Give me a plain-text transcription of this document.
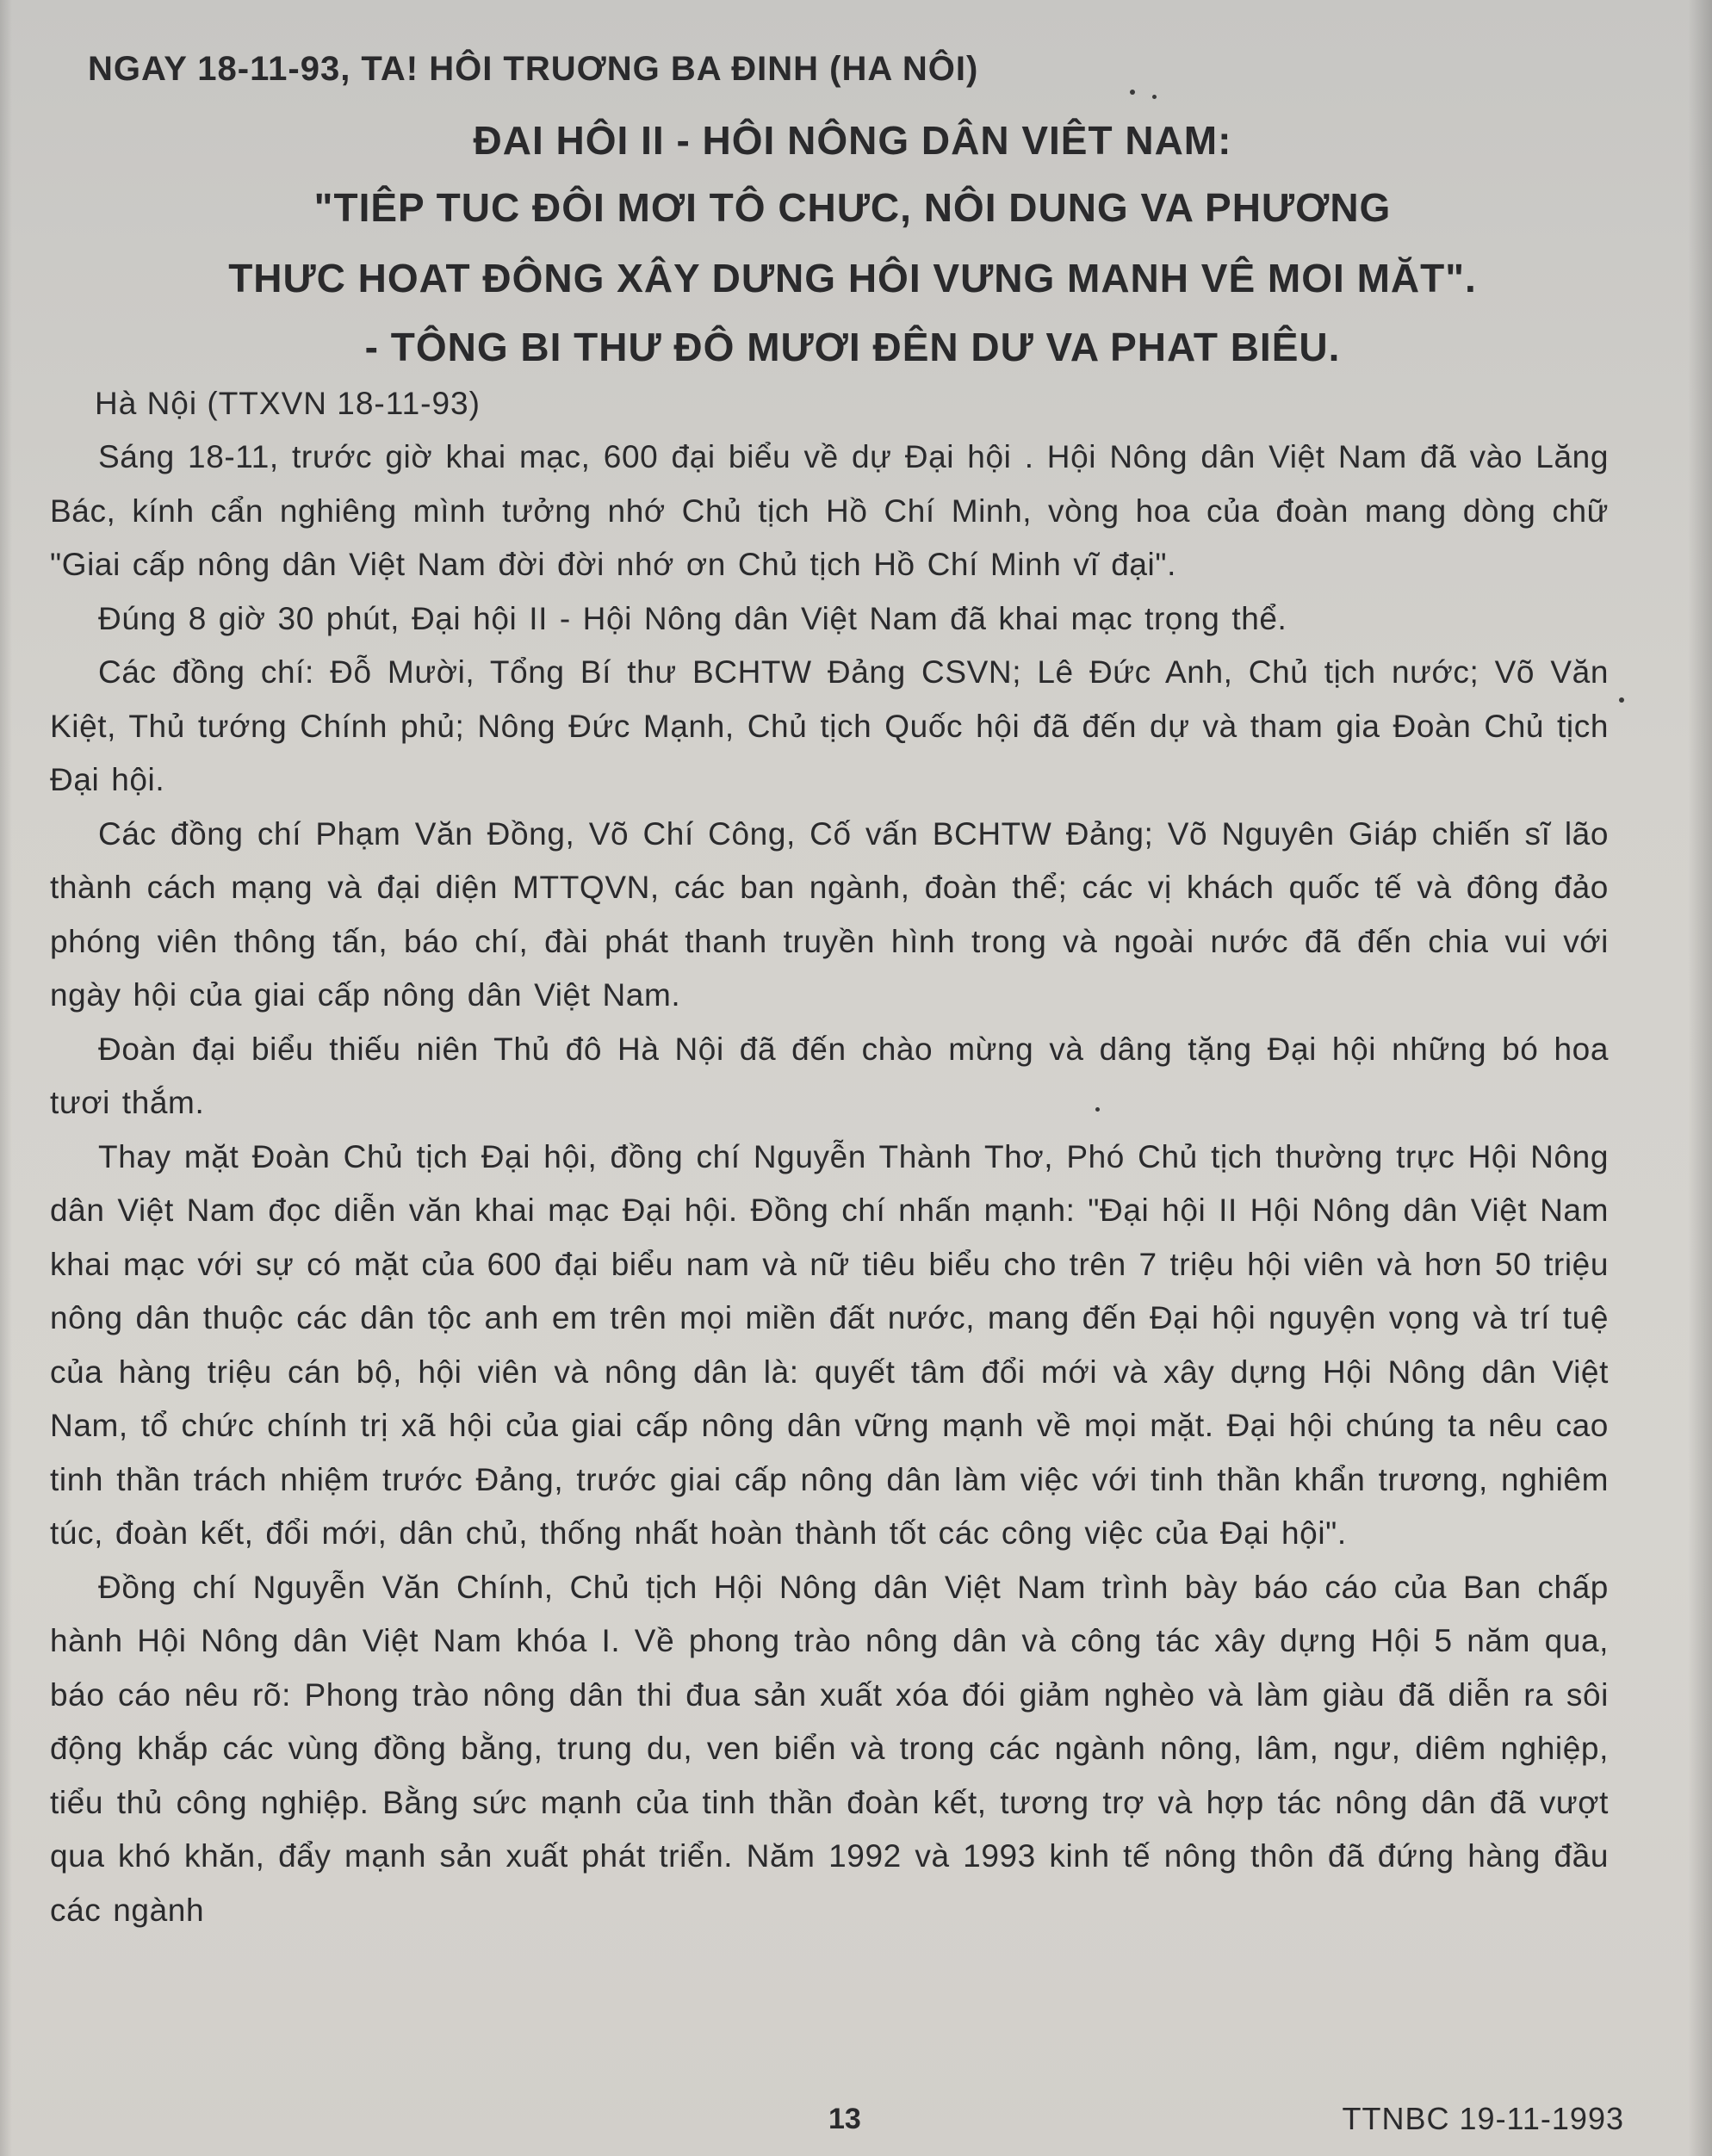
NGAY 18-11-93, TA! HÔI TRUƠNG BA ĐINH (HA NÔI)
ĐAI HÔI II - HÔI NÔNG DÂN VIÊT NAM:
"TIÊP TUC ĐÔI MƠI TÔ CHƯC, NÔI DUNG VA PHƯƠNG
THƯC HOAT ĐÔNG XÂY DƯNG HÔI VƯNG MANH VÊ MOI MĂT".
- TÔNG BI THƯ ĐÔ MƯƠI ĐÊN DƯ VA PHAT BIÊU.
Hà Nội (TTXVN 18-11-93)

Sáng 18-11, trước giờ khai mạc, 600 đại biểu về dự Đại hội . Hội Nông dân Việt Nam đã vào Lăng Bác, kính cẩn nghiêng mình tưởng nhớ Chủ tịch Hồ Chí Minh, vòng hoa của đoàn mang dòng chữ "Giai cấp nông dân Việt Nam đời đời nhớ ơn Chủ tịch Hồ Chí Minh vĩ đại".

Đúng 8 giờ 30 phút, Đại hội II - Hội Nông dân Việt Nam đã khai mạc trọng thể.

Các đồng chí: Đỗ Mười, Tổng Bí thư BCHTW Đảng CSVN; Lê Đức Anh, Chủ tịch nước; Võ Văn Kiệt, Thủ tướng Chính phủ; Nông Đức Mạnh, Chủ tịch Quốc hội đã đến dự và tham gia Đoàn Chủ tịch Đại hội.

Các đồng chí Phạm Văn Đồng, Võ Chí Công, Cố vấn BCHTW Đảng; Võ Nguyên Giáp chiến sĩ lão thành cách mạng và đại diện MTTQVN, các ban ngành, đoàn thể; các vị khách quốc tế và đông đảo phóng viên thông tấn, báo chí, đài phát thanh truyền hình trong và ngoài nước đã đến chia vui với ngày hội của giai cấp nông dân Việt Nam.

Đoàn đại biểu thiếu niên Thủ đô Hà Nội đã đến chào mừng và dâng tặng Đại hội những bó hoa tươi thắm.

Thay mặt Đoàn Chủ tịch Đại hội, đồng chí Nguyễn Thành Thơ, Phó Chủ tịch thường trực Hội Nông dân Việt Nam đọc diễn văn khai mạc Đại hội. Đồng chí nhấn mạnh: "Đại hội II Hội Nông dân Việt Nam khai mạc với sự có mặt của 600 đại biểu nam và nữ tiêu biểu cho trên 7 triệu hội viên và hơn 50 triệu nông dân thuộc các dân tộc anh em trên mọi miền đất nước, mang đến Đại hội nguyện vọng và trí tuệ của hàng triệu cán bộ, hội viên và nông dân là: quyết tâm đổi mới và xây dựng Hội Nông dân Việt Nam, tổ chức chính trị xã hội của giai cấp nông dân vững mạnh về mọi mặt. Đại hội chúng ta nêu cao tinh thần trách nhiệm trước Đảng, trước giai cấp nông dân làm việc với tinh thần khẩn trương, nghiêm túc, đoàn kết, đổi mới, dân chủ, thống nhất hoàn thành tốt các công việc của Đại hội".

Đồng chí Nguyễn Văn Chính, Chủ tịch Hội Nông dân Việt Nam trình bày báo cáo của Ban chấp hành Hội Nông dân Việt Nam khóa I. Về phong trào nông dân và công tác xây dựng Hội 5 năm qua, báo cáo nêu rõ: Phong trào nông dân thi đua sản xuất xóa đói giảm nghèo và làm giàu đã diễn ra sôi động khắp các vùng đồng bằng, trung du, ven biển và trong các ngành nông, lâm, ngư, diêm nghiệp, tiểu thủ công nghiệp. Bằng sức mạnh của tinh thần đoàn kết, tương trợ và hợp tác nông dân đã vượt qua khó khăn, đẩy mạnh sản xuất phát triển. Năm 1992 và 1993 kinh tế nông thôn đã đứng hàng đầu các ngành

13	TTNBC 19-11-1993
